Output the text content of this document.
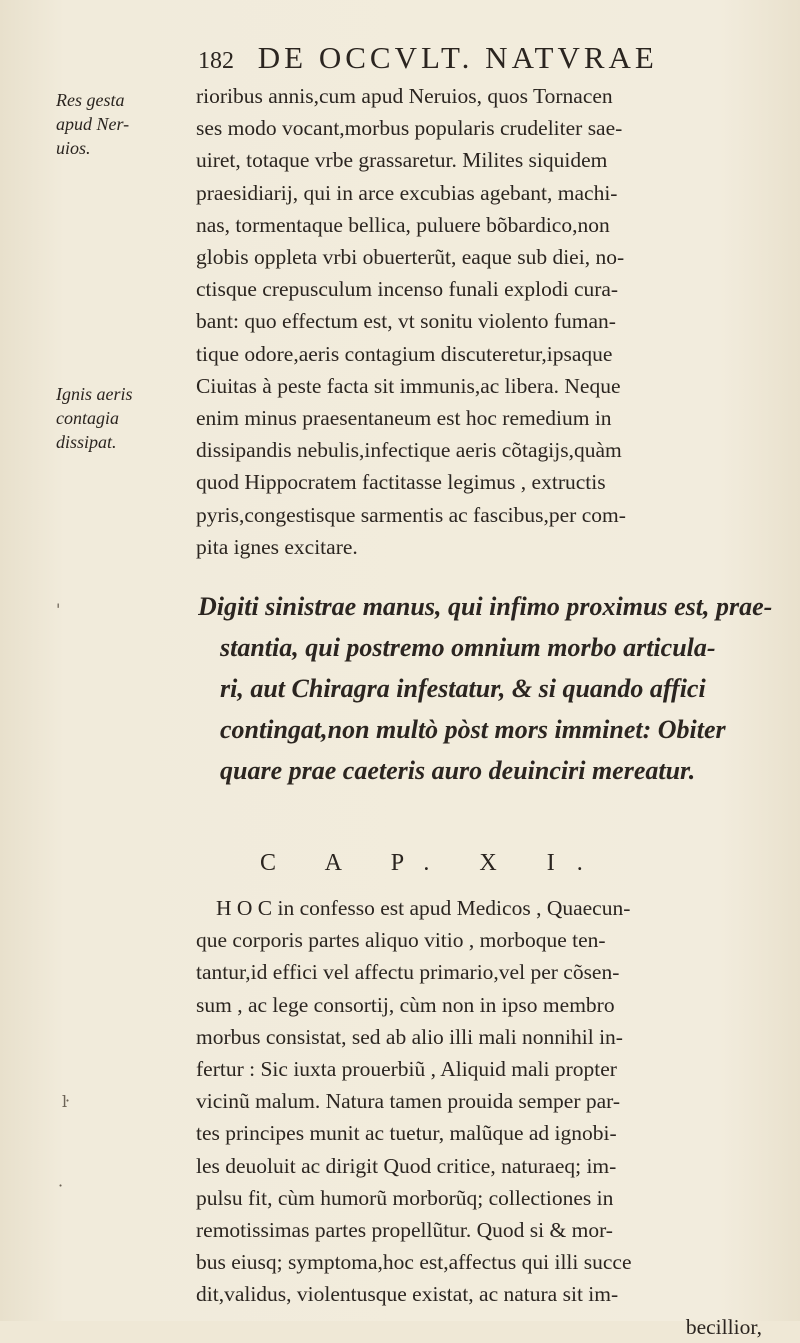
182 DE OCCVLT. NATVRAE
Res gesta
apud Ner-
uios.
Ignis aeris
contagia
dissipat.
rioribus annis,cum apud Neruios, quos Tornacen
ses modo vocant,morbus popularis crudeliter sae-
uiret, totaque vrbe grassaretur. Milites siquidem
praesidiarij, qui in arce excubias agebant, machi-
nas, tormentaque bellica, puluere bõbardico,non
globis oppleta vrbi obuerterũt, eaque sub diei, no-
ctisque crepusculum incenso funali explodi cura-
bant: quo effectum est, vt sonitu violento fuman-
tique odore,aeris contagium discuteretur,ipsaque
Ciuitas à peste facta sit immunis,ac libera. Neque
enim minus praesentaneum est hoc remedium in
dissipandis nebulis,infectique aeris cõtagijs,quàm
quod Hippocratem factitasse legimus , extructis
pyris,congestisque sarmentis ac fascibus,per com-
pita ignes excitare.
Digiti sinistrae manus, qui infimo proximus est, prae-
stantia, qui postremo omnium morbo articula-
ri, aut Chiragra infestatur, & si quando affici
contingat,non multò pòst mors imminet: Obiter
quare prae caeteris auro deuinciri mereatur.
C A P. X I.
H O C in confesso est apud Medicos , Quaecun-
que corporis partes aliquo vitio , morboque ten-
tantur,id effici vel affectu primario,vel per cõsen-
sum , ac lege consortij, cùm non in ipso membro
morbus consistat, sed ab alio illi mali nonnihil in-
fertur : Sic iuxta prouerbiũ , Aliquid mali propter
vicinũ malum. Natura tamen prouida semper par-
tes principes munit ac tuetur, malũque ad ignobi-
les deuoluit ac dirigit Quod critice, naturaeq; im-
pulsu fit, cùm humorũ morborũq; collectiones in
remotissimas partes propellũtur. Quod si & mor-
bus eiusq; symptoma,hoc est,affectus qui illi succe
dit,validus, violentusque existat, ac natura sit im-
becillior,
'
ŀ
·
